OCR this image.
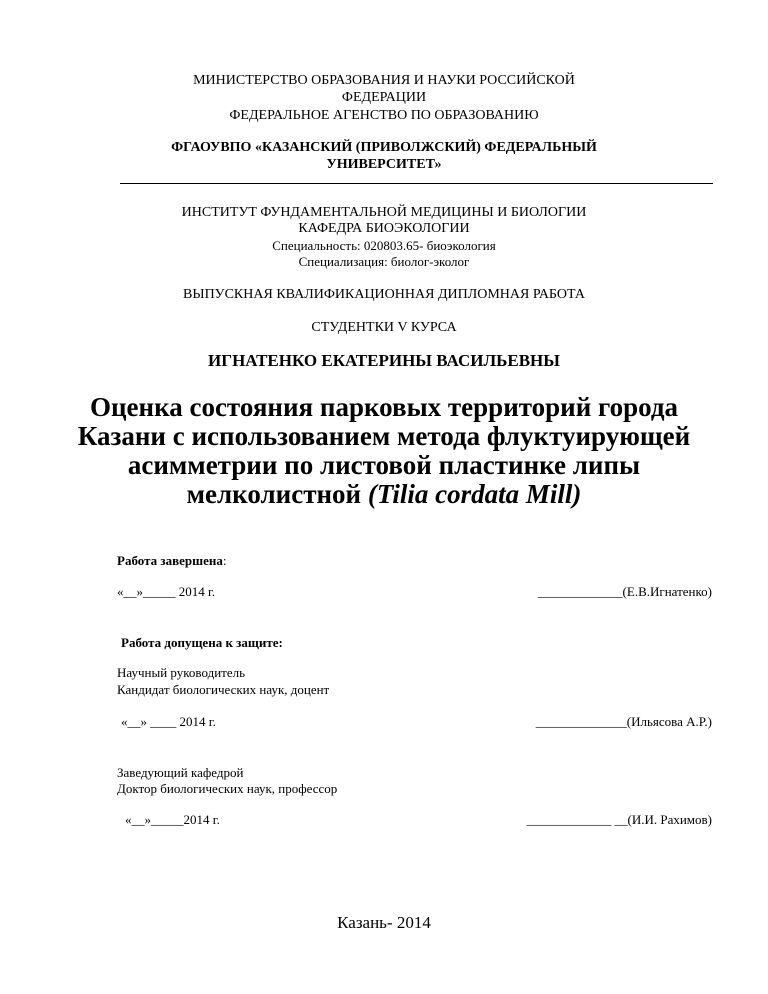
МИНИСТЕРСТВО ОБРАЗОВАНИЯ И НАУКИ РОССИЙСКОЙ
ФЕДЕРАЦИИ
ФЕДЕРАЛЬНОЕ АГЕНСТВО ПО ОБРАЗОВАНИЮ
ФГАОУВПО «КАЗАНСКИЙ (ПРИВОЛЖСКИЙ) ФЕДЕРАЛЬНЫЙ
УНИВЕРСИТЕТ»
ИНСТИТУТ ФУНДАМЕНТАЛЬНОЙ МЕДИЦИНЫ И БИОЛОГИИ
КАФЕДРА БИОЭКОЛОГИИ
Специальность: 020803.65- биоэкология
Специализация: биолог-эколог
ВЫПУСКНАЯ КВАЛИФИКАЦИОННАЯ ДИПЛОМНАЯ РАБОТА
СТУДЕНТКИ V КУРСА
ИГНАТЕНКО ЕКАТЕРИНЫ ВАСИЛЬЕВНЫ
Оценка состояния парковых территорий города
Казани с использованием метода флуктуирующей
асимметрии по листовой пластинке липы
мелколистной (Tilia cordata Mill)
Работа завершена:
«__»_____ 2014 г.	_____________(Е.В.Игнатенко)
Работа допущена к защите:
Научный руководитель
Кандидат биологических наук, доцент
«__» ____ 2014 г.	______________(Ильясова А.Р.)
Заведующий кафедрой
Доктор биологических наук, профессор
«__»_____2014 г.	_____________ __(И.И. Рахимов)
Казань- 2014
